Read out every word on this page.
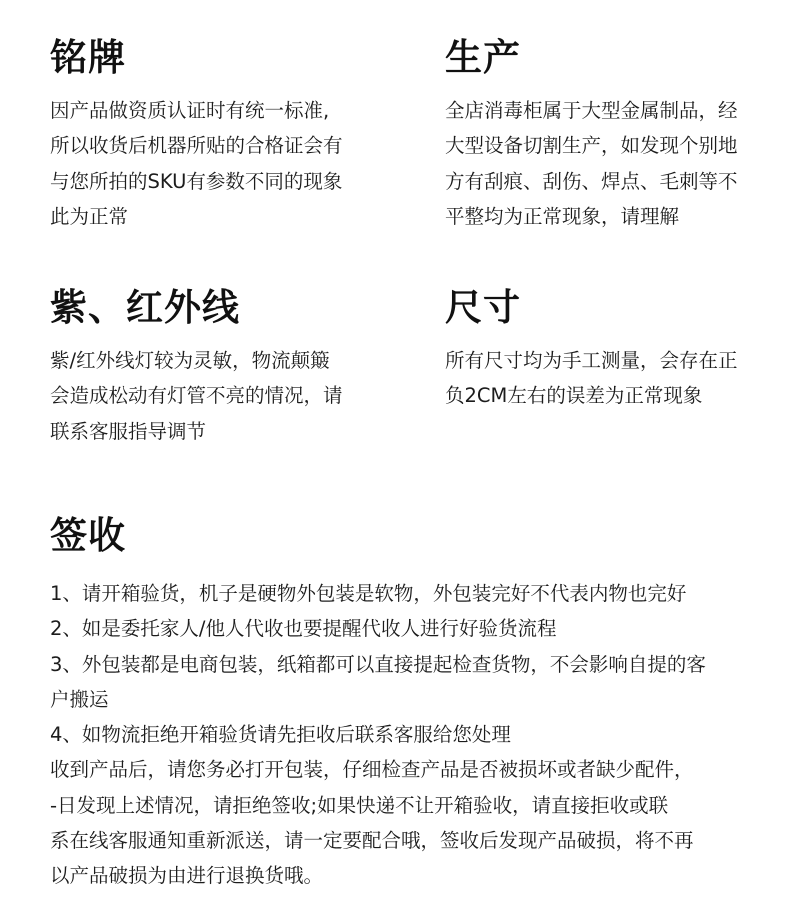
铭牌
因产品做资质认证时有统一标准,
所以收货后机器所贴的合格证会有
与您所拍的SKU有参数不同的现象
此为正常
生产
全店消毒柜属于大型金属制品，经
大型设备切割生产，如发现个别地
方有刮痕、刮伤、焊点、毛刺等不
平整均为正常现象，请理解
紫、红外线
紫/红外线灯较为灵敏，物流颠簸
会造成松动有灯管不亮的情况，请
联系客服指导调节
尺寸
所有尺寸均为手工测量，会存在正
负2CM左右的误差为正常现象
签收
1、请开箱验货，机子是硬物外包装是软物，外包装完好不代表内物也完好
2、如是委托家人/他人代收也要提醒代收人进行好验货流程
3、外包装都是电商包装，纸箱都可以直接提起检查货物，不会影响自提的客
户搬运
4、如物流拒绝开箱验货请先拒收后联系客服给您处理
收到产品后，请您务必打开包装，仔细检查产品是否被损坏或者缺少配件，
-日发现上述情况，请拒绝签收;如果快递不让开箱验收，请直接拒收或联
系在线客服通知重新派送，请一定要配合哦，签收后发现产品破损，将不再
以产品破损为由进行退换货哦。
